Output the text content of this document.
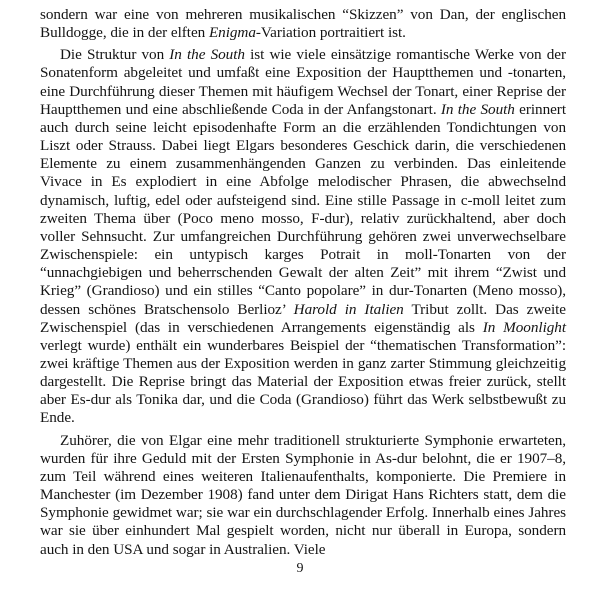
sondern war eine von mehreren musikalischen “Skizzen” von Dan, der englischen Bulldogge, die in der elften Enigma-Variation portraitiert ist.

Die Struktur von In the South ist wie viele einsätzige romantische Werke von der Sonatenform abgeleitet und umfaßt eine Exposition der Hauptthemen und -tonarten, eine Durchführung dieser Themen mit häufigem Wechsel der Tonart, einer Reprise der Hauptthemen und eine abschließende Coda in der Anfangstonart. In the South erinnert auch durch seine leicht episodenhafte Form an die erzählenden Tondichtungen von Liszt oder Strauss. Dabei liegt Elgars besonderes Geschick darin, die verschiedenen Elemente zu einem zusammenhängenden Ganzen zu verbinden. Das einleitende Vivace in Es explodiert in eine Abfolge melodischer Phrasen, die abwechselnd dynamisch, luftig, edel oder aufsteigend sind. Eine stille Passage in c-moll leitet zum zweiten Thema über (Poco meno mosso, F-dur), relativ zurückhaltend, aber doch voller Sehnsucht. Zur umfangreichen Durchführung gehören zwei unverwechselbare Zwischenspiele: ein untypisch karges Potrait in moll-Tonarten von der “unnachgiebigen und beherrschenden Gewalt der alten Zeit” mit ihrem “Zwist und Krieg” (Grandioso) und ein stilles “Canto popolare” in dur-Tonarten (Meno mosso), dessen schönes Bratschensolo Berlioz’ Harold in Italien Tribut zollt. Das zweite Zwischenspiel (das in verschiedenen Arrangements eigenständig als In Moonlight verlegt wurde) enthält ein wunderbares Beispiel der “thematischen Transformation”: zwei kräftige Themen aus der Exposition werden in ganz zarter Stimmung gleichzeitig dargestellt. Die Reprise bringt das Material der Exposition etwas freier zurück, stellt aber Es-dur als Tonika dar, und die Coda (Grandioso) führt das Werk selbstbewußt zu Ende.

Zuhörer, die von Elgar eine mehr traditionell strukturierte Symphonie erwarteten, wurden für ihre Geduld mit der Ersten Symphonie in As-dur belohnt, die er 1907–8, zum Teil während eines weiteren Italienaufenthalts, komponierte. Die Premiere in Manchester (im Dezember 1908) fand unter dem Dirigat Hans Richters statt, dem die Symphonie gewidmet war; sie war ein durchschlagender Erfolg. Innerhalb eines Jahres war sie über einhundert Mal gespielt worden, nicht nur überall in Europa, sondern auch in den USA und sogar in Australien. Viele

9
